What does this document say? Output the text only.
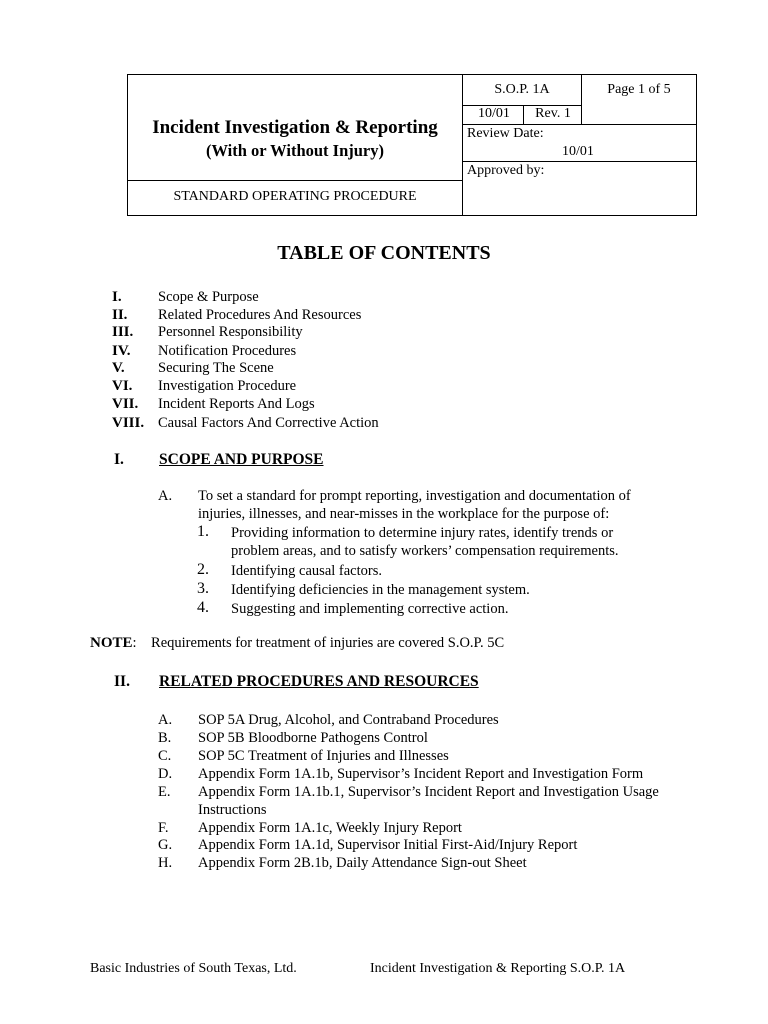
Incident Investigation & Reporting
(With or Without Injury)
STANDARD OPERATING PROCEDURE
S.O.P. 1A	Page 1 of 5
10/01	Rev. 1
Review Date:
10/01
Approved by:
TABLE OF CONTENTS
I.	Scope & Purpose
II. Related Procedures And Resources
III. Personnel Responsibility
IV. Notification Procedures
V. Securing The Scene
VI. Investigation Procedure
VII. Incident Reports And Logs
VIII. Causal Factors And Corrective Action
I. SCOPE AND PURPOSE
A. To set a standard for prompt reporting, investigation and documentation of
injuries, illnesses, and near-misses in the workplace for the purpose of:
1. Providing information to determine injury rates, identify trends or
problem areas, and to satisfy workers’ compensation requirements.
2. Identifying causal factors.
3. Identifying deficiencies in the management system.
4. Suggesting and implementing corrective action.
NOTE:    Requirements for treatment of injuries are covered S.O.P. 5C
II. RELATED PROCEDURES AND RESOURCES
A. SOP 5A Drug, Alcohol, and Contraband Procedures
B. SOP 5B Bloodborne Pathogens Control
C. SOP 5C Treatment of Injuries and Illnesses
D. Appendix Form 1A.1b, Supervisor’s Incident Report and Investigation Form
E. Appendix Form 1A.1b.1, Supervisor’s Incident Report and Investigation Usage
Instructions
F. Appendix Form 1A.1c, Weekly Injury Report
G. Appendix Form 1A.1d, Supervisor Initial First-Aid/Injury Report
H. Appendix Form 2B.1b, Daily Attendance Sign-out Sheet
Basic Industries of South Texas, Ltd.	Incident Investigation & Reporting S.O.P. 1A
